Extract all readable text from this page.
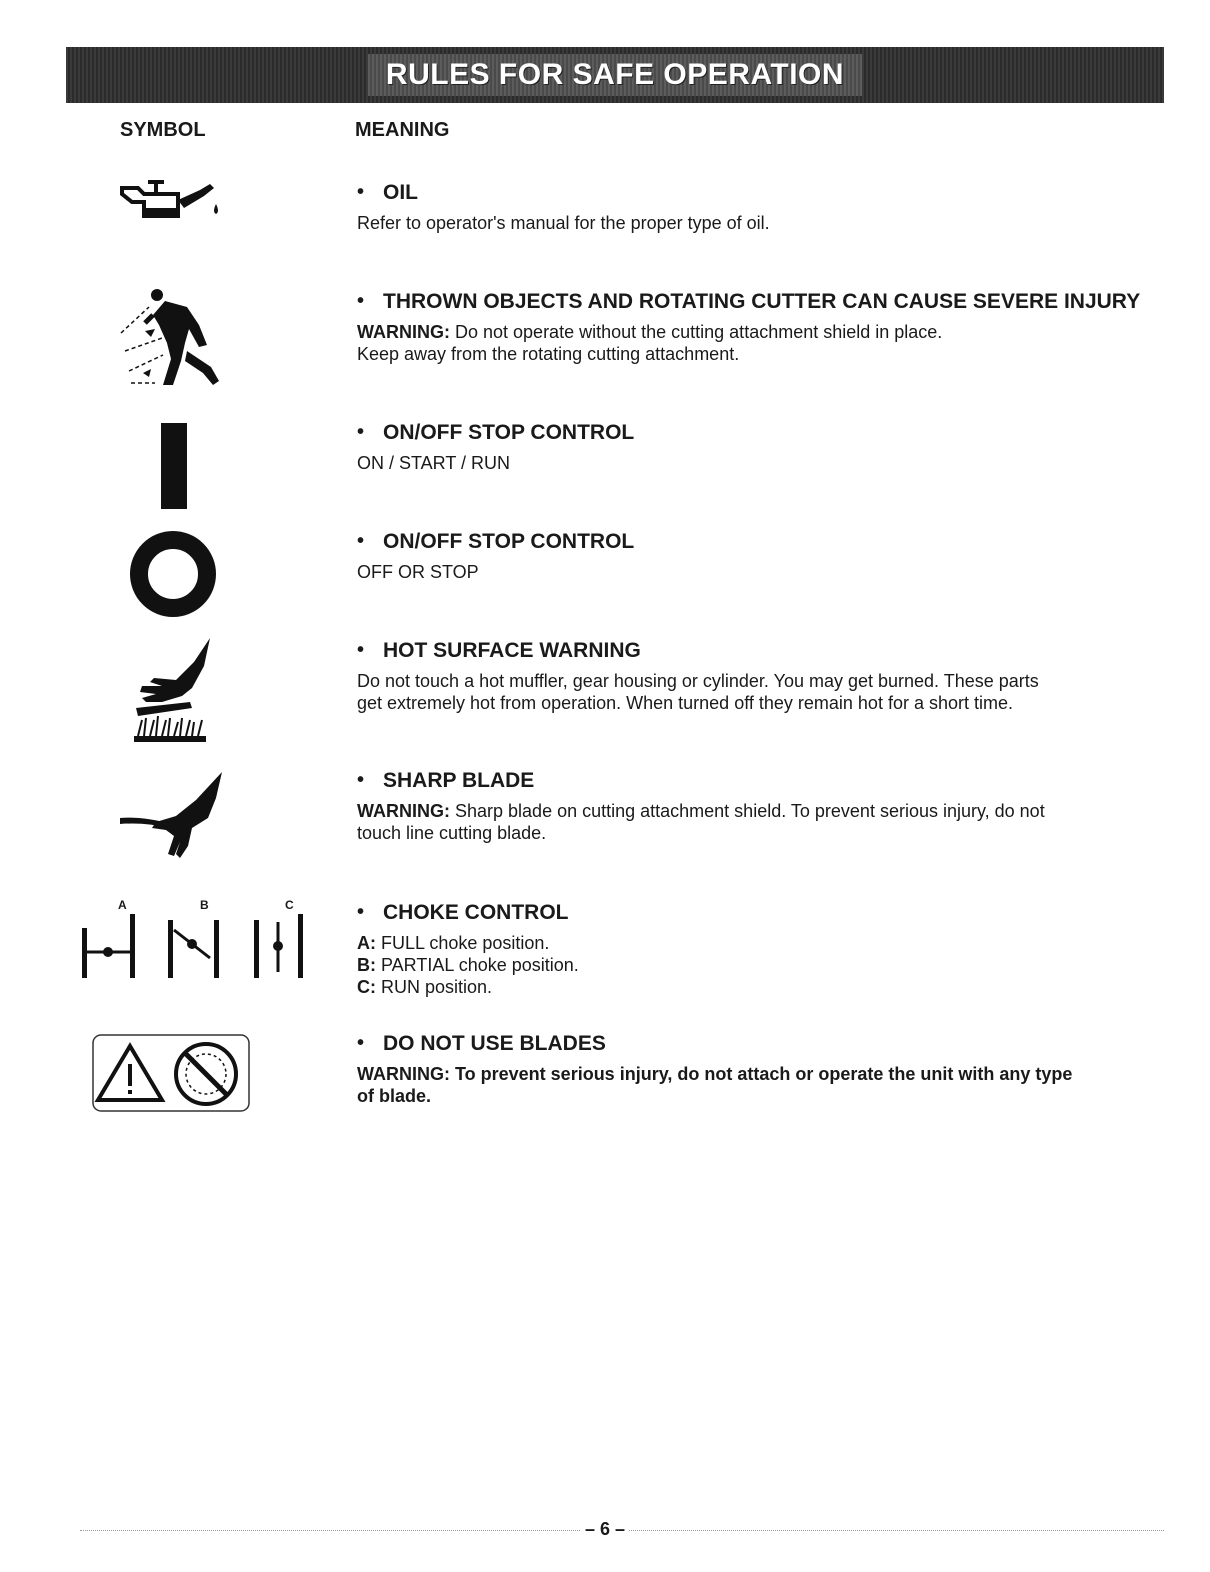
RULES FOR SAFE OPERATION
SYMBOL	MEANING
A	B	C
• OIL

Refer to operator's manual for the proper type of oil.

• THROWN OBJECTS AND ROTATING CUTTER CAN CAUSE SEVERE INJURY

WARNING: Do not operate without the cutting attachment shield in place.

Keep away from the rotating cutting attachment.

• ON/OFF STOP CONTROL

ON / START / RUN

• ON/OFF STOP CONTROL

OFF OR STOP

• HOT SURFACE WARNING

Do not touch a hot muffler, gear housing or cylinder. You may get burned. These parts

get extremely hot from operation. When turned off they remain hot for a short time.

• SHARP BLADE

WARNING: Sharp blade on cutting attachment shield. To prevent serious injury, do not

touch line cutting blade.

• CHOKE CONTROL

A: FULL choke position.

B: PARTIAL choke position.

C: RUN position.

• DO NOT USE BLADES

WARNING: To prevent serious injury, do not attach or operate the unit with any type

of blade.

– 6 –
